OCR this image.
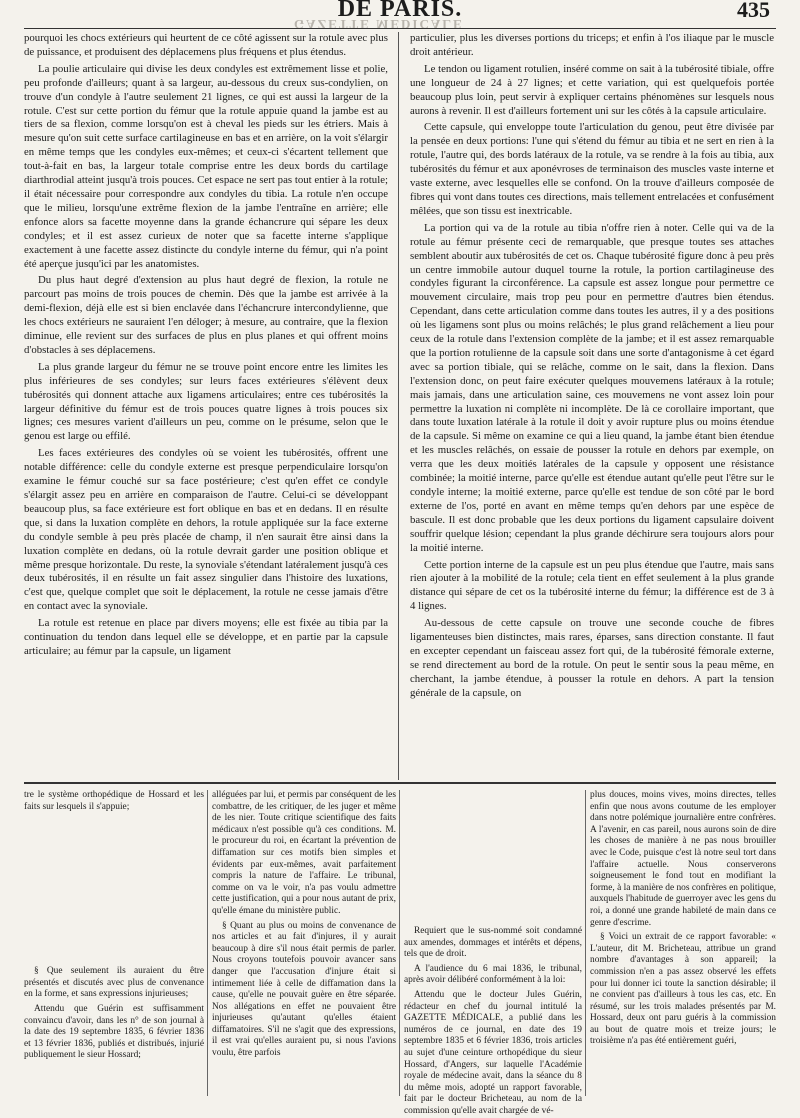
GAZETTE MEDICALE
DE PARIS.	435

pourquoi les chocs extérieurs qui heurtent de ce côté agissent sur la rotule avec plus de puissance, et produisent des déplacemens plus fréquens et plus étendus.

La poulie articulaire qui divise les deux condyles est extrêmement lisse et polie, peu profonde d'ailleurs; quant à sa largeur, au-dessous du creux sus-condylien, on trouve d'un condyle à l'autre seulement 21 lignes, ce qui est aussi la largeur de la rotule. C'est sur cette portion du fémur que la rotule appuie quand la jambe est au tiers de sa flexion, comme lorsqu'on est à cheval les pieds sur les étriers. Mais à mesure qu'on suit cette surface cartilagineuse en bas et en arrière, on la voit s'élargir en même temps que les condyles eux-mêmes; et ceux-ci s'écartent tellement que tout-à-fait en bas, la largeur totale comprise entre les deux bords du cartilage diarthrodial atteint jusqu'à trois pouces. Cet espace ne sert pas tout entier à la rotule; il était nécessaire pour correspondre aux condyles du tibia. La rotule n'en occupe que le milieu, lorsqu'une extrême flexion de la jambe l'entraîne en arrière; elle enfonce alors sa facette moyenne dans la grande échancrure qui sépare les deux condyles; et il est assez curieux de noter que sa facette interne s'applique exactement à une facette assez distincte du condyle interne du fémur, qui n'a point été aperçue jusqu'ici par les anatomistes.

Du plus haut degré d'extension au plus haut degré de flexion, la rotule ne parcourt pas moins de trois pouces de chemin. Dès que la jambe est arrivée à la demi-flexion, déjà elle est si bien enclavée dans l'échancrure intercondylienne, que les chocs extérieurs ne sauraient l'en déloger; à mesure, au contraire, que la flexion diminue, elle revient sur des surfaces de plus en plus planes et qui offrent moins d'obstacles à ses déplacemens.

La plus grande largeur du fémur ne se trouve point encore entre les limites les plus inférieures de ses condyles; sur leurs faces extérieures s'élèvent deux tubérosités qui donnent attache aux ligamens articulaires; entre ces tubérosités la largeur définitive du fémur est de trois pouces quatre lignes à trois pouces six lignes; ces mesures varient d'ailleurs un peu, comme on le présume, selon que le genou est large ou effilé.

Les faces extérieures des condyles où se voient les tubérosités, offrent une notable différence: celle du condyle externe est presque perpendiculaire lorsqu'on examine le fémur couché sur sa face postérieure; c'est qu'en effet ce condyle s'élargit assez peu en arrière en comparaison de l'autre. Celui-ci se développant beaucoup plus, sa face extérieure est fort oblique en bas et en dedans. Il en résulte que, si dans la luxation complète en dehors, la rotule appliquée sur la face externe du condyle semble à peu près placée de champ, il n'en saurait être ainsi dans la luxation complète en dedans, où la rotule devrait garder une position oblique et même presque horizontale. Du reste, la synoviale s'étendant latéralement jusqu'à ces deux tubérosités, il en résulte un fait assez singulier dans l'histoire des luxations, c'est que, quelque complet que soit le déplacement, la rotule ne cesse jamais d'être en contact avec la synoviale.

La rotule est retenue en place par divers moyens; elle est fixée au tibia par la continuation du tendon dans lequel elle se développe, et en partie par la capsule articulaire; au fémur par la capsule, un ligament

particulier, plus les diverses portions du triceps; et enfin à l'os iliaque par le muscle droit antérieur.

Le tendon ou ligament rotulien, inséré comme on sait à la tubérosité tibiale, offre une longueur de 24 à 27 lignes; et cette variation, qui est quelquefois portée beaucoup plus loin, peut servir à expliquer certains phénomènes sur lesquels nous aurons à revenir. Il est d'ailleurs fortement uni sur les côtés à la capsule articulaire.

Cette capsule, qui enveloppe toute l'articulation du genou, peut être divisée par la pensée en deux portions: l'une qui s'étend du fémur au tibia et ne sert en rien à la rotule, l'autre qui, des bords latéraux de la rotule, va se rendre à la fois au tibia, aux tubérosités du fémur et aux aponévroses de terminaison des muscles vaste interne et vaste externe, avec lesquelles elle se confond. On la trouve d'ailleurs composée de fibres qui vont dans toutes ces directions, mais tellement entrelacées et confusément mêlées, que son tissu est inextricable.

La portion qui va de la rotule au tibia n'offre rien à noter. Celle qui va de la rotule au fémur présente ceci de remarquable, que presque toutes ses attaches semblent aboutir aux tubérosités de cet os. Chaque tubérosité figure donc à peu près un centre immobile autour duquel tourne la rotule, la portion cartilagineuse des condyles figurant la circonférence. La capsule est assez longue pour permettre ce mouvement circulaire, mais trop peu pour en permettre d'autres bien étendus. Cependant, dans cette articulation comme dans toutes les autres, il y a des positions où les ligamens sont plus ou moins relâchés; le plus grand relâchement a lieu pour ceux de la rotule dans l'extension complète de la jambe; et il est assez remarquable que la portion rotulienne de la capsule soit dans une sorte d'antagonisme à cet égard avec sa portion tibiale, qui se relâche, comme on le sait, dans la flexion. Dans l'extension donc, on peut faire exécuter quelques mouvemens latéraux à la rotule; mais jamais, dans une articulation saine, ces mouvemens ne vont assez loin pour permettre la luxation ni complète ni incomplète. De là ce corollaire important, que dans toute luxation latérale à la rotule il doit y avoir rupture plus ou moins étendue de la capsule. Si même on examine ce qui a lieu quand, la jambe étant bien étendue et les muscles relâchés, on essaie de pousser la rotule en dehors par exemple, on verra que les deux moitiés latérales de la capsule y opposent une résistance combinée; la moitié interne, parce qu'elle est étendue autant qu'elle peut l'être sur le condyle interne; la moitié externe, parce qu'elle est tendue de son côté par le bord externe de l'os, porté en avant en même temps qu'en dehors par une espèce de bascule. Il est donc probable que les deux portions du ligament capsulaire doivent souffrir quelque lésion; cependant la plus grande déchirure sera toujours alors pour la moitié interne.

Cette portion interne de la capsule est un peu plus étendue que l'autre, mais sans rien ajouter à la mobilité de la rotule; cela tient en effet seulement à la plus grande distance qui sépare de cet os la tubérosité interne du fémur; la différence est de 3 à 4 lignes.

Au-dessous de cette capsule on trouve une seconde couche de fibres ligamenteuses bien distinctes, mais rares, éparses, sans direction constante. Il faut en excepter cependant un faisceau assez fort qui, de la tubérosité fémorale externe, se rend directement au bord de la rotule. On peut le sentir sous la peau même, en cherchant, la jambe étendue, à pousser la rotule en dehors. A part la tension générale de la capsule, on

tre le système orthopédique de Hossard et les faits sur lesquels il s'appuie;

§ Que seulement ils auraient du être présentés et discutés avec plus de convenance en la forme, et sans expressions injurieuses;

Attendu que Guérin est suffisamment convaincu d'avoir, dans les n° de son journal à la date des 19 septembre 1835, 6 février 1836 et 13 février 1836, publiés et distribués, injurié publiquement le sieur Hossard;

alléguées par lui, et permis par conséquent de les combattre, de les critiquer, de les juger et même de les nier. Toute critique scientifique des faits médicaux n'est possible qu'à ces conditions. M. le procureur du roi, en écartant la prévention de diffamation sur ces motifs bien simples et évidents par eux-mêmes, avait parfaitement compris la nature de l'affaire. Le tribunal, comme on va le voir, n'a pas voulu admettre cette justification, qui a pour nous autant de prix, qu'elle émane du ministère public.

§ Quant au plus ou moins de convenance de nos articles et au fait d'injures, il y aurait beaucoup à dire s'il nous était permis de parler. Nous croyons toutefois pouvoir avancer sans danger que l'accusation d'injure était si intimement liée à celle de diffamation dans la cause, qu'elle ne pouvait guère en être séparée. Nos allégations en effet ne pouvaient être injurieuses qu'autant qu'elles étaient diffamatoires. S'il ne s'agit que des expressions, il est vrai qu'elles auraient pu, si nous l'avions voulu, être parfois

Requiert que le sus-nommé soit condamné aux amendes, dommages et intérêts et dépens, tels que de droit.

A l'audience du 6 mai 1836, le tribunal, après avoir délibéré conformément à la loi:

Attendu que le docteur Jules Guérin, rédacteur en chef du journal intitulé la GAZETTE MÉDICALE, a publié dans les numéros de ce journal, en date des 19 septembre 1835 et 6 février 1836, trois articles au sujet d'une ceinture orthopédique du sieur Hossard, d'Angers, sur laquelle l'Académie royale de médecine avait, dans la séance du 8 du même mois, adopté un rapport favorable, fait par le docteur Bricheteau, au nom de la commission qu'elle avait chargée de vé-

plus douces, moins vives, moins directes, telles enfin que nous avons coutume de les employer dans notre polémique journalière entre confrères. A l'avenir, en cas pareil, nous aurons soin de dire les choses de manière à ne pas nous brouiller avec le Code, puisque c'est là notre seul tort dans l'affaire actuelle. Nous conserverons soigneusement le fond tout en modifiant la forme, à la manière de nos confrères en politique, auxquels l'habitude de guerroyer avec les gens du roi, a donné une grande habileté de main dans ce genre d'escrime.

§ Voici un extrait de ce rapport favorable: « L'auteur, dit M. Bricheteau, attribue un grand nombre d'avantages à son appareil; la commission n'en a pas assez observé les effets pour lui donner ici toute la sanction désirable; il ne convient pas d'ailleurs à tous les cas, etc. En résumé, sur les trois malades présentés par M. Hossard, deux ont paru guéris à la commission au bout de quatre mois et treize jours; le troisième n'a pas été entièrement guéri,
